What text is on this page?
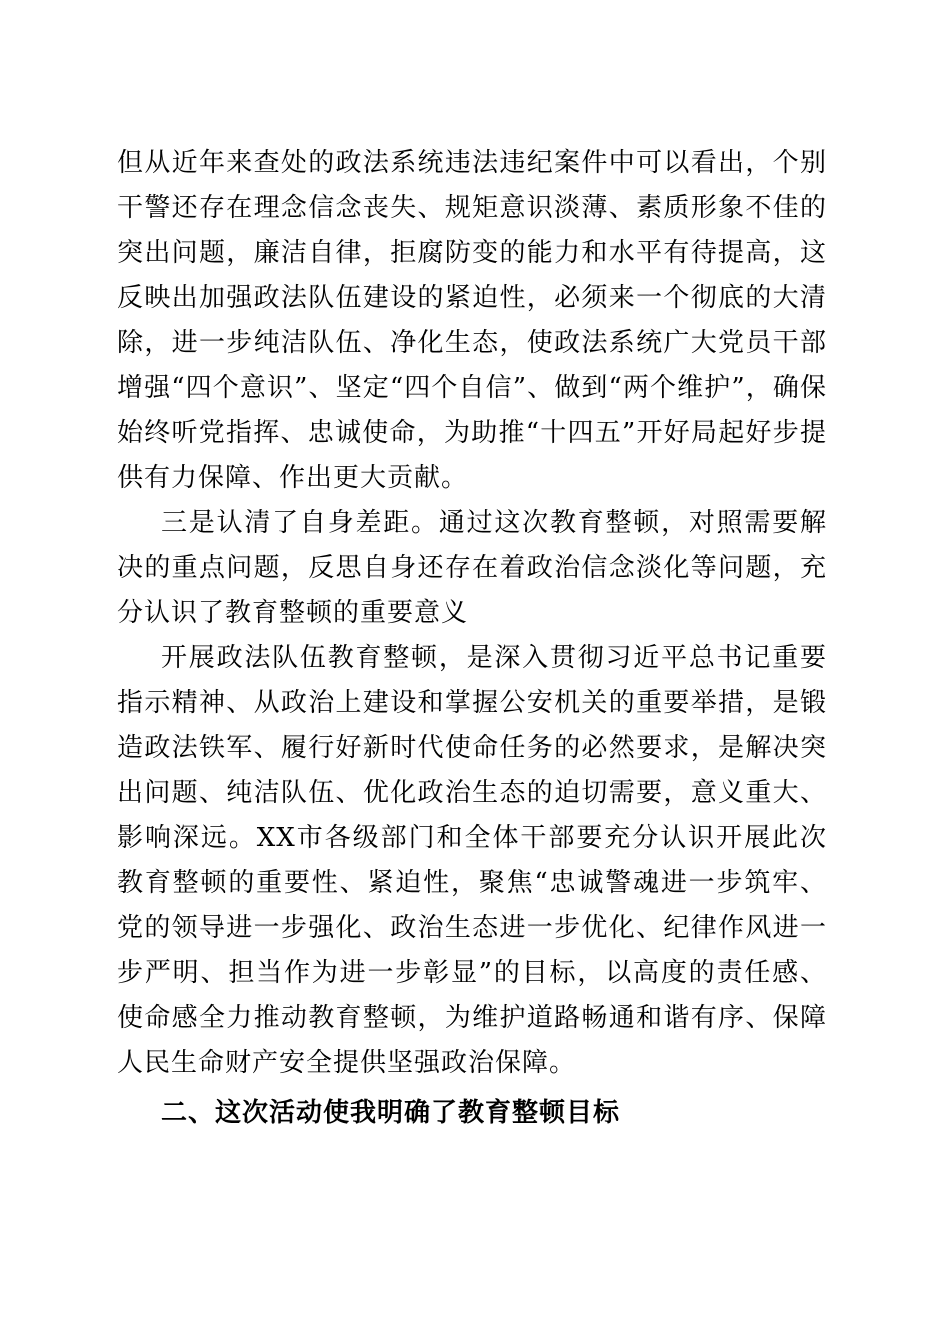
但从近年来查处的政法系统违法违纪案件中可以看出，个别干警还存在理念信念丧失、规矩意识淡薄、素质形象不佳的突出问题，廉洁自律，拒腐防变的能力和水平有待提高，这反映出加强政法队伍建设的紧迫性，必须来一个彻底的大清除，进一步纯洁队伍、净化生态，使政法系统广大党员干部增强“四个意识”、坚定“四个自信”、做到“两个维护”，确保始终听党指挥、忠诚使命，为助推“十四五”开好局起好步提供有力保障、作出更大贡献。

三是认清了自身差距。通过这次教育整顿，对照需要解决的重点问题，反思自身还存在着政治信念淡化等问题，充分认识了教育整顿的重要意义

开展政法队伍教育整顿，是深入贯彻习近平总书记重要指示精神、从政治上建设和掌握公安机关的重要举措，是锻造政法铁军、履行好新时代使命任务的必然要求，是解决突出问题、纯洁队伍、优化政治生态的迫切需要，意义重大、影响深远。XX市各级部门和全体干部要充分认识开展此次教育整顿的重要性、紧迫性，聚焦“忠诚警魂进一步筑牢、党的领导进一步强化、政治生态进一步优化、纪律作风进一步严明、担当作为进一步彰显”的目标，以高度的责任感、使命感全力推动教育整顿，为维护道路畅通和谐有序、保障人民生命财产安全提供坚强政治保障。

二、这次活动使我明确了教育整顿目标
